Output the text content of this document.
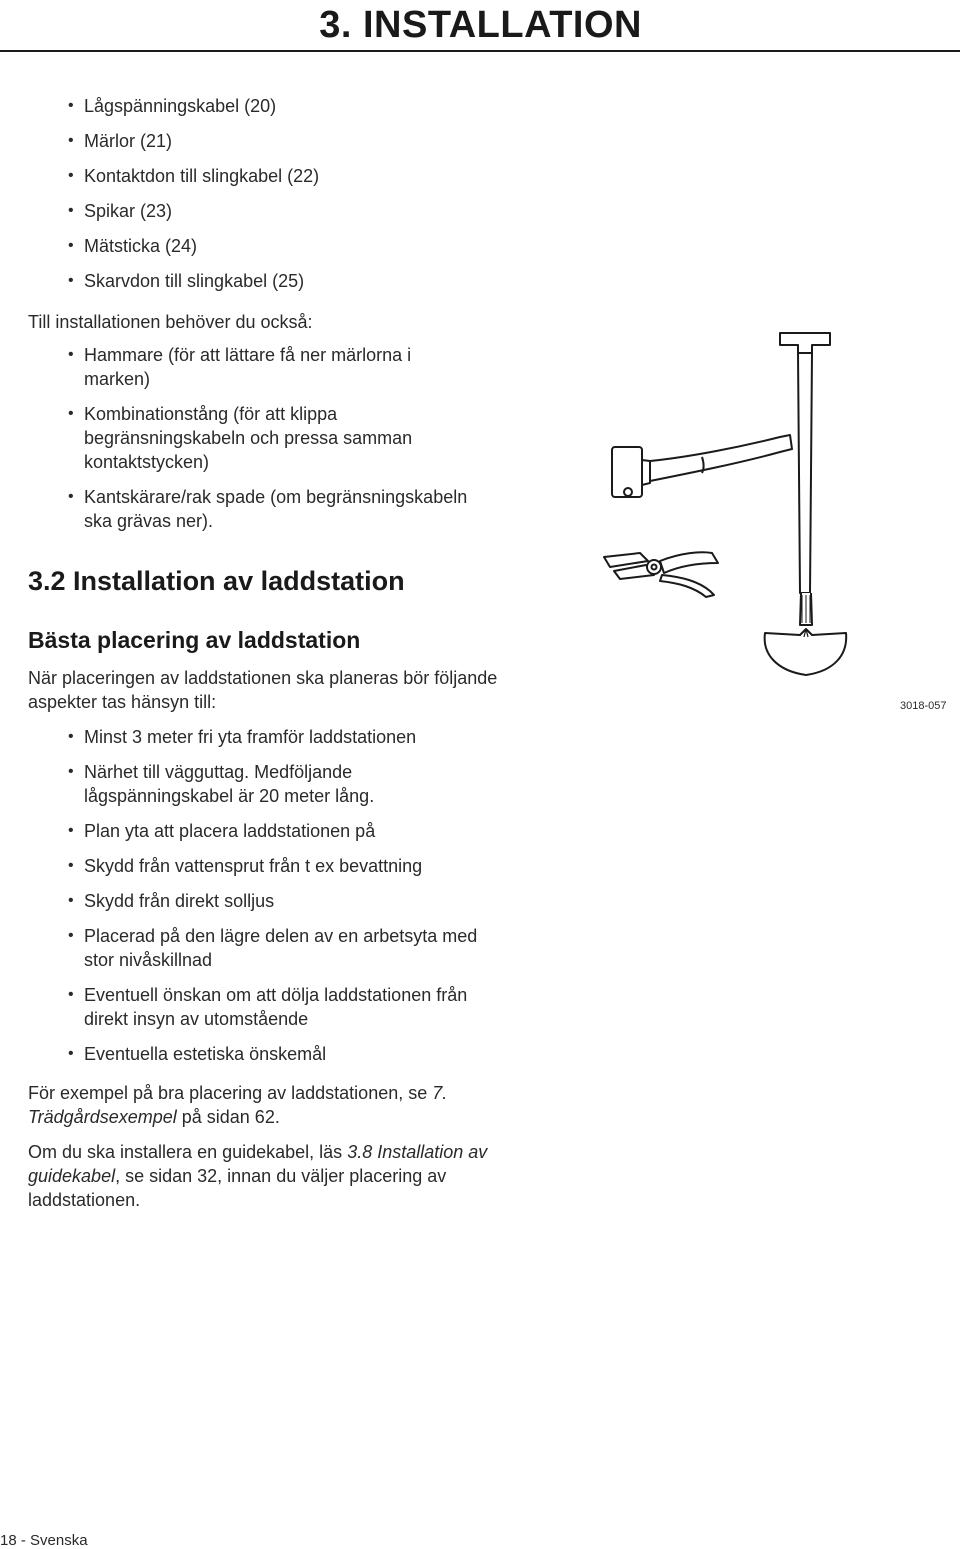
3. INSTALLATION
• Lågspänningskabel (20)
• Märlor (21)
• Kontaktdon till slingkabel (22)
• Spikar (23)
• Mätsticka (24)
• Skarvdon till slingkabel (25)

Till installationen behöver du också:

• Hammare (för att lättare få ner märlorna i marken)
• Kombinationstång (för att klippa begränsningskabeln och pressa samman kontaktstycken)
• Kantskärare/rak spade (om begränsningskabeln ska grävas ner).
3.2 Installation av laddstation
Bästa placering av laddstation

När placeringen av laddstationen ska planeras bör följande aspekter tas hänsyn till:

• Minst 3 meter fri yta framför laddstationen
• Närhet till vägguttag. Medföljande lågspänningskabel är 20 meter lång.
• Plan yta att placera laddstationen på
• Skydd från vattensprut från t ex bevattning
• Skydd från direkt solljus
• Placerad på den lägre delen av en arbetsyta med stor nivåskillnad
• Eventuell önskan om att dölja laddstationen från direkt insyn av utomstående
• Eventuella estetiska önskemål

För exempel på bra placering av laddstationen, se 7. Trädgårdsexempel på sidan 62.

Om du ska installera en guidekabel, läs 3.8 Installation av guidekabel, se sidan 32, innan du väljer placering av laddstationen.

3018-057
18 - Svenska
